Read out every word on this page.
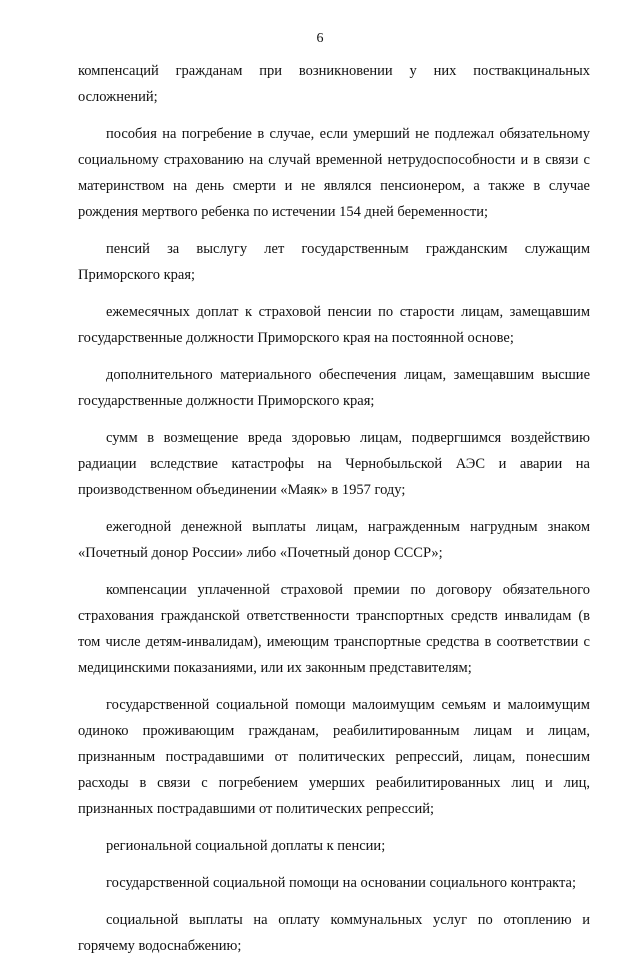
6

компенсаций гражданам при возникновении у них поствакцинальных осложнений;

пособия на погребение в случае, если умерший не подлежал обязательному социальному страхованию на случай временной нетрудоспособности и в связи с материнством на день смерти и не являлся пенсионером, а также в случае рождения мертвого ребенка по истечении 154 дней беременности;

пенсий за выслугу лет государственным гражданским служащим Приморского края;

ежемесячных доплат к страховой пенсии по старости лицам, замещавшим государственные должности Приморского края на постоянной основе;

дополнительного материального обеспечения лицам, замещавшим высшие государственные должности Приморского края;

сумм в возмещение вреда здоровью лицам, подвергшимся воздействию радиации вследствие катастрофы на Чернобыльской АЭС и аварии на производственном объединении «Маяк» в 1957 году;

ежегодной денежной выплаты лицам, награжденным нагрудным знаком «Почетный донор России» либо «Почетный донор СССР»;

компенсации уплаченной страховой премии по договору обязательного страхования гражданской ответственности транспортных средств инвалидам (в том числе детям-инвалидам), имеющим транспортные средства в соответствии с медицинскими показаниями, или их законным представителям;

государственной социальной помощи малоимущим семьям и малоимущим одиноко проживающим гражданам, реабилитированным лицам и лицам, признанным пострадавшими от политических репрессий, лицам, понесшим расходы в связи с погребением умерших реабилитированных лиц и лиц, признанных пострадавшими от политических репрессий;

региональной социальной доплаты к пенсии;

государственной социальной помощи на основании социального контракта;

социальной выплаты на оплату коммунальных услуг по отоплению и горячему водоснабжению;
